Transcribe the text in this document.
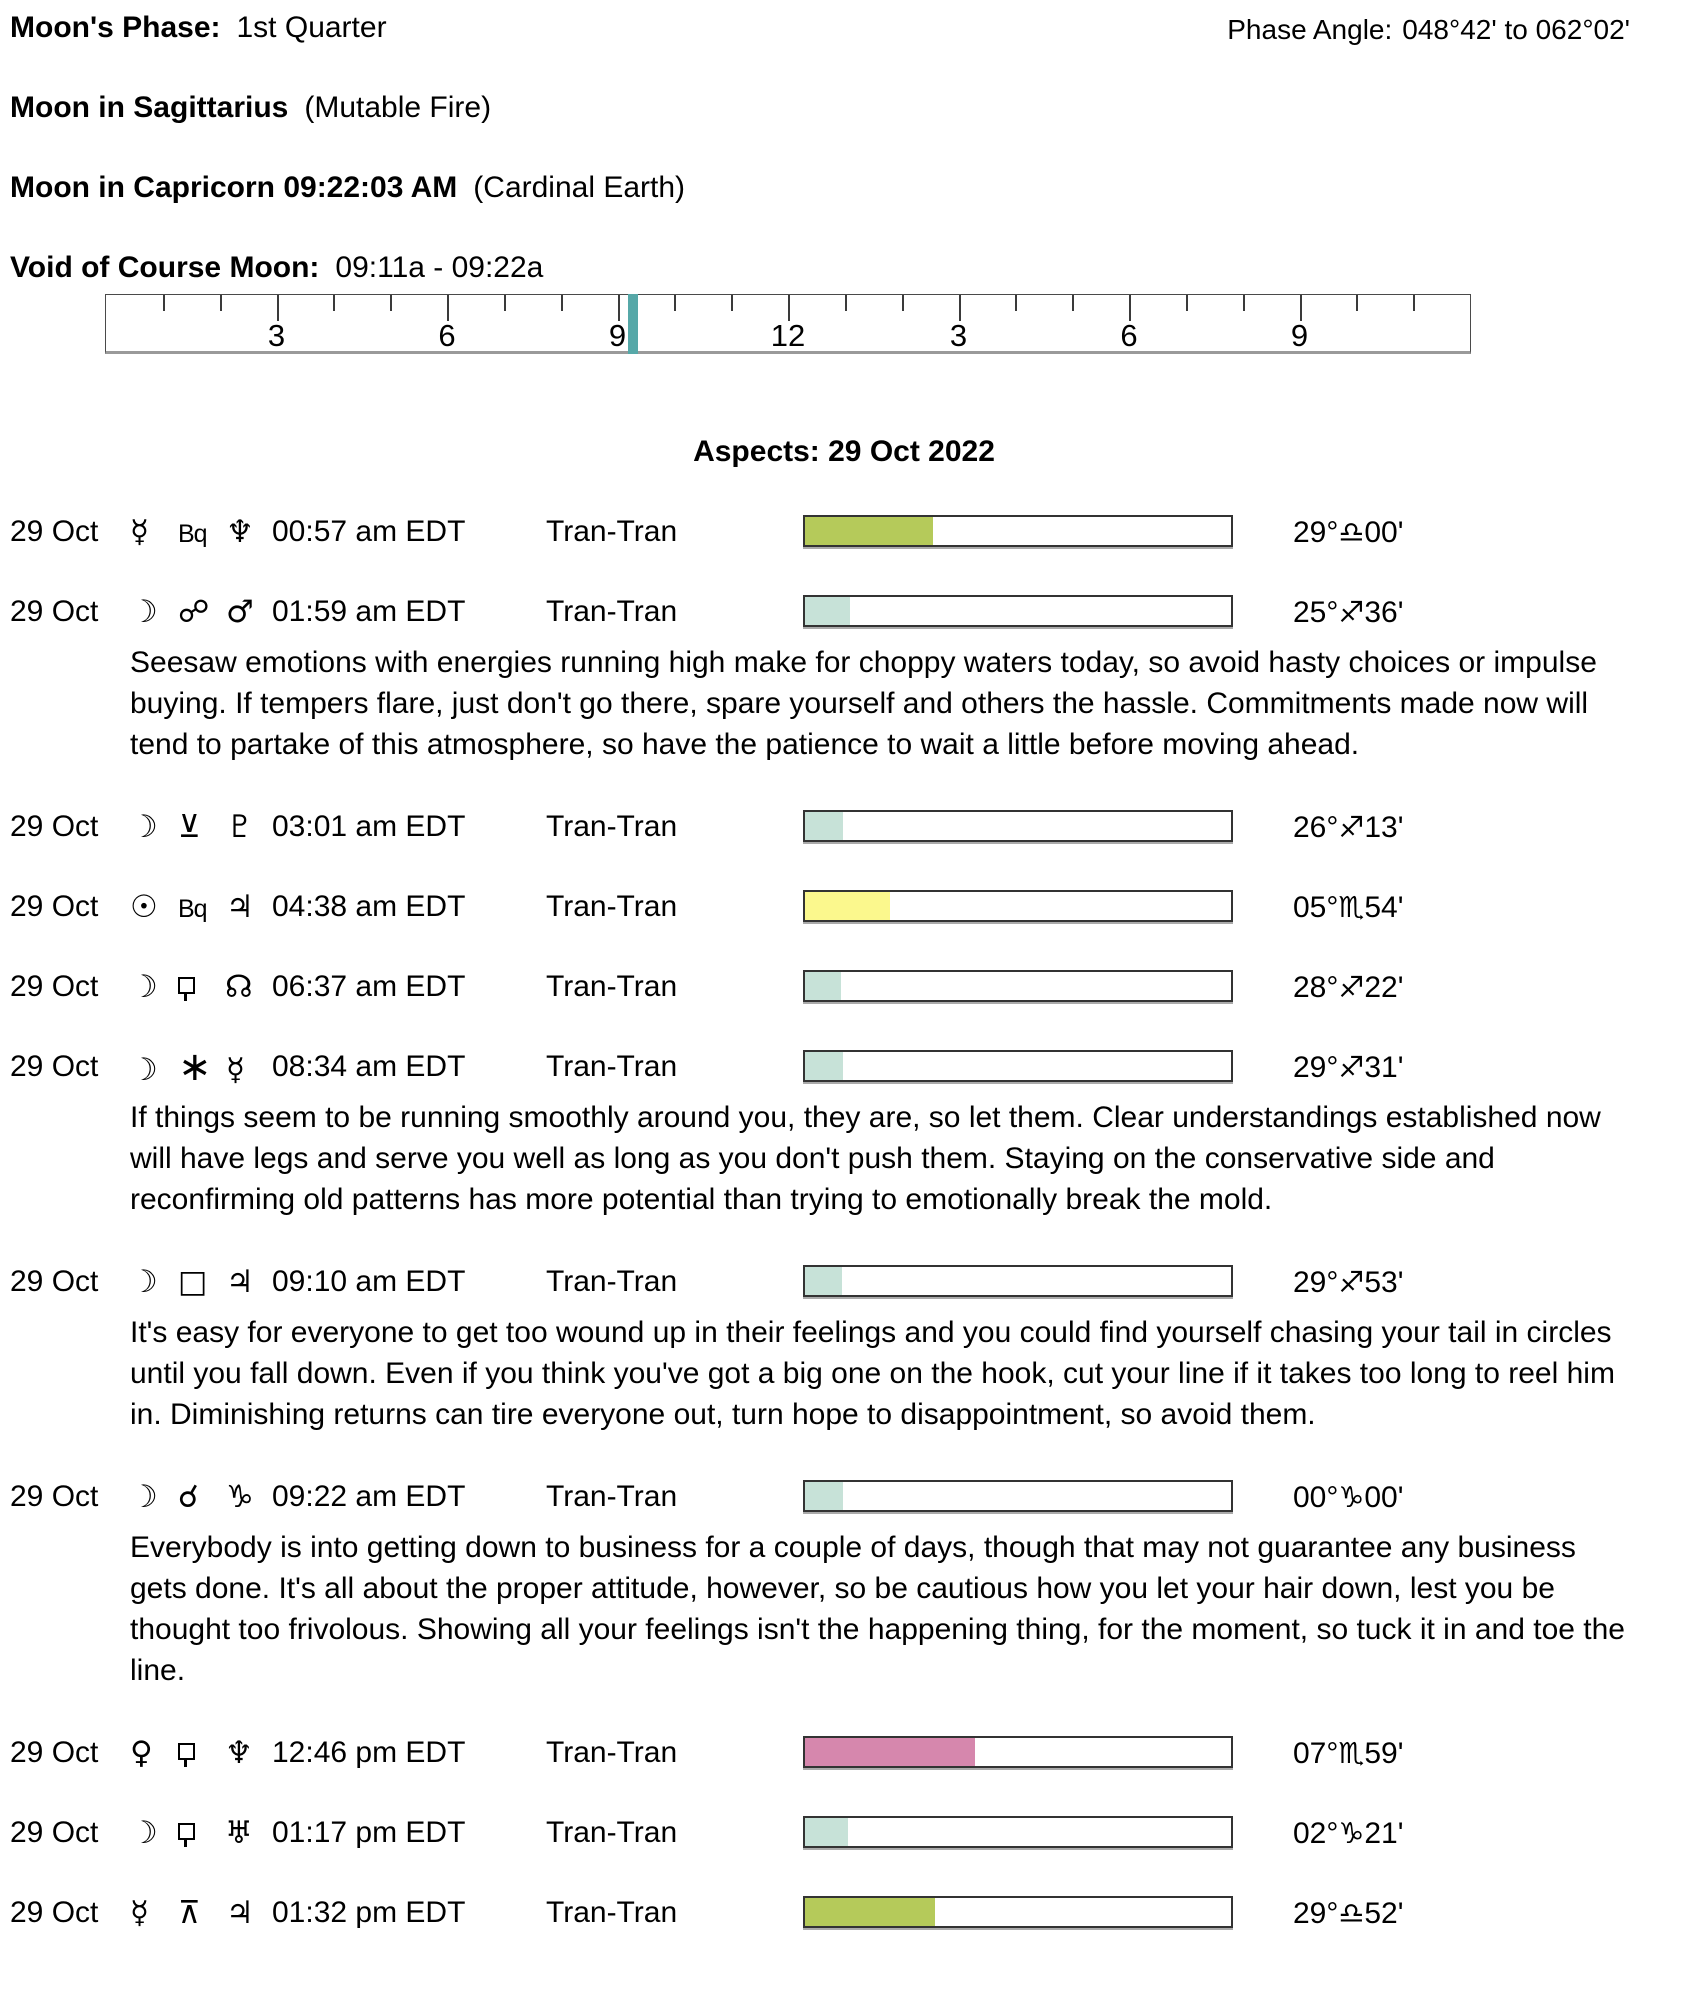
Moon's Phase: 1st Quarter	Phase Angle: 048°42' to 062°02'
Moon in Sagittarius (Mutable Fire)
Moon in Capricorn 09:22:03 AM (Cardinal Earth)
Void of Course Moon: 09:11a - 09:22a
3	6	9	12	3	6	9
Aspects: 29 Oct 2022
29 Oct ☿ Bq ♆ 00:57 am EDT	Tran-Tran	29°♎00'
29 Oct ☽ ☍ ♂ 01:59 am EDT	Tran-Tran	25°♐36'

Seesaw emotions with energies running high make for choppy waters today, so avoid hasty choices or impulse buying. If tempers flare, just don't go there, spare yourself and others the hassle. Commitments made now will tend to partake of this atmosphere, so have the patience to wait a little before moving ahead.

29 Oct ☽ ⊻ ♇ 03:01 am EDT	Tran-Tran	26°♐13'
29 Oct ☉ Bq ♃ 04:38 am EDT	Tran-Tran	05°♏54'
29 Oct ☽ ☊ 06:37 am EDT	Tran-Tran	28°♐22'
29 Oct ☽ ∗ ☿ 08:34 am EDT	Tran-Tran	29°♐31'

If things seem to be running smoothly around you, they are, so let them. Clear understandings established now will have legs and serve you well as long as you don't push them. Staying on the conservative side and reconfirming old patterns has more potential than trying to emotionally break the mold.

29 Oct ☽ □ ♃ 09:10 am EDT	Tran-Tran	29°♐53'

It's easy for everyone to get too wound up in their feelings and you could find yourself chasing your tail in circles until you fall down. Even if you think you've got a big one on the hook, cut your line if it takes too long to reel him in. Diminishing returns can tire everyone out, turn hope to disappointment, so avoid them.

29 Oct ☽ ☌ ♑ 09:22 am EDT	Tran-Tran	00°♑00'

Everybody is into getting down to business for a couple of days, though that may not guarantee any business gets done. It's all about the proper attitude, however, so be cautious how you let your hair down, lest you be thought too frivolous. Showing all your feelings isn't the happening thing, for the moment, so tuck it in and toe the line.

29 Oct ♀ ♆ 12:46 pm EDT	Tran-Tran	07°♏59'
29 Oct ☽ ♅ 01:17 pm EDT	Tran-Tran	02°♑21'
29 Oct ☿ ⊼ ♃ 01:32 pm EDT	Tran-Tran	29°♎52'
